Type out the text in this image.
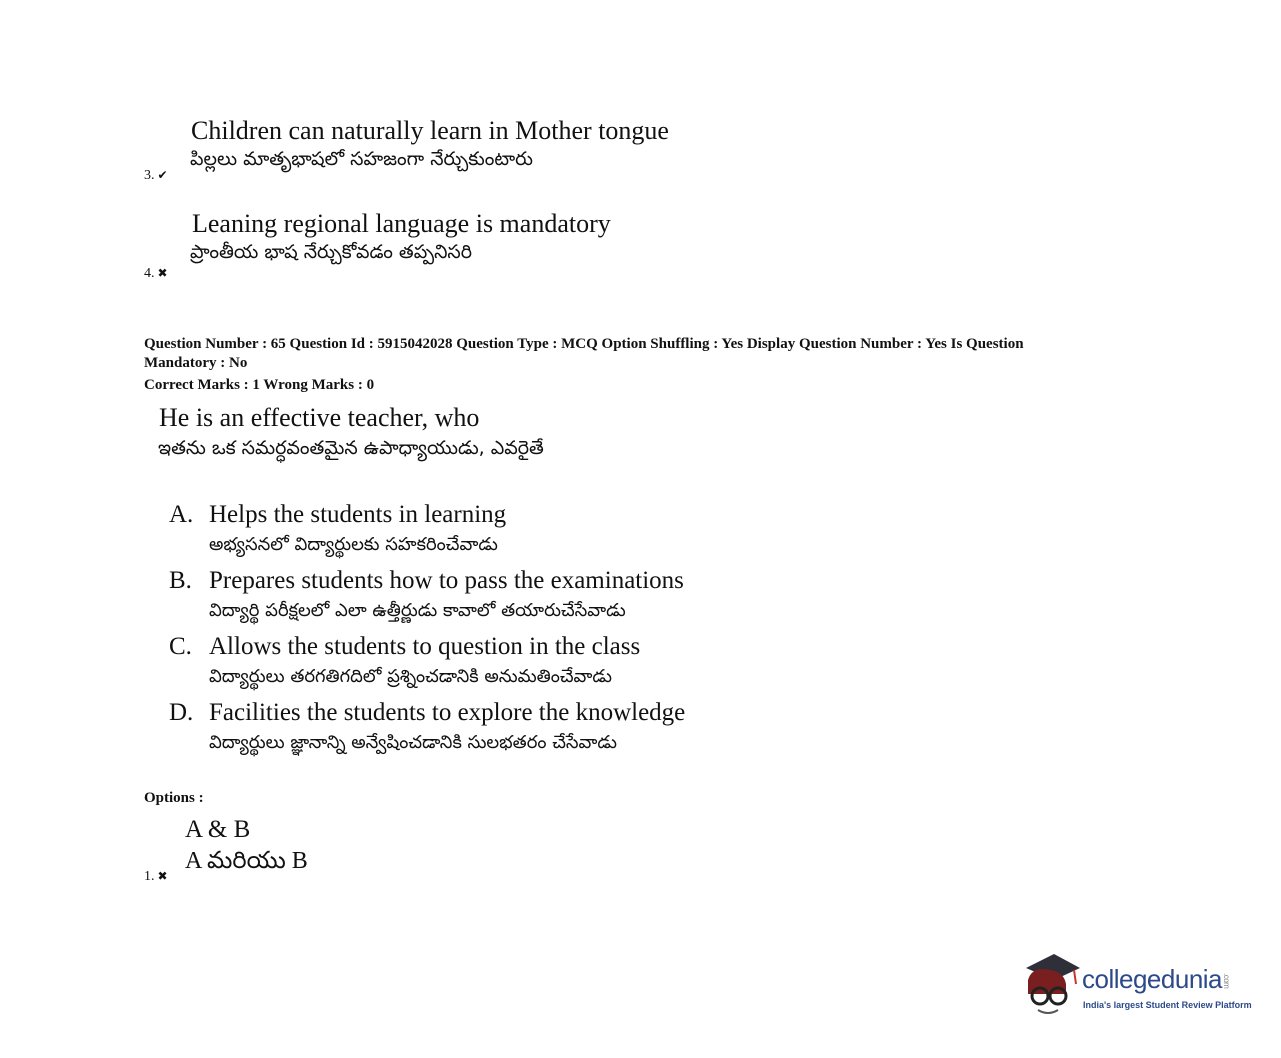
Children can naturally learn in Mother tongue
పిల్లలు మాతృభాషలో సహజంగా నేర్చుకుంటారు
3. ✔
Leaning regional language is mandatory
ప్రాంతీయ భాష నేర్చుకోవడం తప్పనిసరి
4. ✖
Question Number : 65 Question Id : 5915042028 Question Type : MCQ Option Shuffling : Yes Display Question Number : Yes Is Question
Mandatory : No
Correct Marks : 1 Wrong Marks : 0
He is an effective teacher, who
ఇతను ఒక సమర్ధవంతమైన ఉపాధ్యాయుడు, ఎవరైతే
A. Helps the students in learning
అభ్యసనలో విద్యార్థులకు సహకరించేవాడు
B. Prepares students how to pass the examinations
విద్యార్థి పరీక్షలలో ఎలా ఉత్తీర్ణుడు కావాలో తయారుచేసేవాడు
C. Allows the students to question in the class
విద్యార్థులు తరగతిగదిలో ప్రశ్నించడానికి అనుమతించేవాడు
D. Facilities the students to explore the knowledge
విద్యార్థులు జ్ఞానాన్ని అన్వేషించడానికి సులభతరం చేసేవాడు
Options :
A & B
A మరియు B
1. ✖
collegedunia.com
India's largest Student Review Platform
